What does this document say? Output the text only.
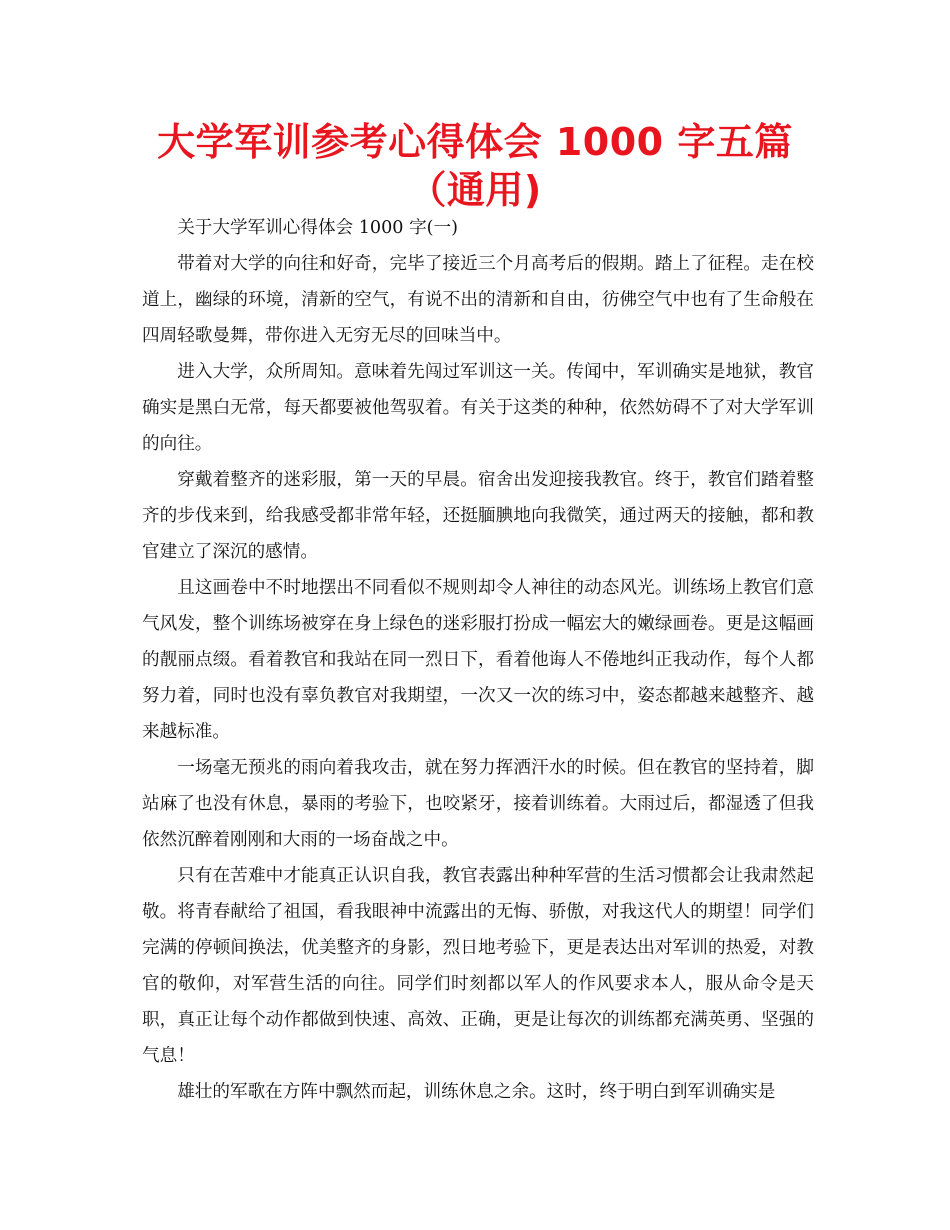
大学军训参考心得体会 1000 字五篇（通用)

关于大学军训心得体会 1000 字(一)

带着对大学的向往和好奇，完毕了接近三个月高考后的假期。踏上了征程。走在校道上，幽绿的环境，清新的空气，有说不出的清新和自由，彷佛空气中也有了生命般在四周轻歌曼舞，带你进入无穷无尽的回味当中。

进入大学，众所周知。意味着先闯过军训这一关。传闻中，军训确实是地狱，教官确实是黑白无常，每天都要被他驾驭着。有关于这类的种种，依然妨碍不了对大学军训的向往。

穿戴着整齐的迷彩服，第一天的早晨。宿舍出发迎接我教官。终于，教官们踏着整齐的步伐来到，给我感受都非常年轻，还挺腼腆地向我微笑，通过两天的接触，都和教官建立了深沉的感情。

且这画卷中不时地摆出不同看似不规则却令人神往的动态风光。训练场上教官们意气风发，整个训练场被穿在身上绿色的迷彩服打扮成一幅宏大的嫩绿画卷。更是这幅画的靓丽点缀。看着教官和我站在同一烈日下，看着他诲人不倦地纠正我动作，每个人都努力着，同时也没有辜负教官对我期望，一次又一次的练习中，姿态都越来越整齐、越来越标准。

一场毫无预兆的雨向着我攻击，就在努力挥洒汗水的时候。但在教官的坚持着，脚站麻了也没有休息，暴雨的考验下，也咬紧牙，接着训练着。大雨过后，都湿透了但我依然沉醉着刚刚和大雨的一场奋战之中。

只有在苦难中才能真正认识自我，教官表露出种种军营的生活习惯都会让我肃然起敬。将青春献给了祖国，看我眼神中流露出的无悔、骄傲，对我这代人的期望！同学们完满的停顿间换法，优美整齐的身影，烈日地考验下，更是表达出对军训的热爱，对教官的敬仰，对军营生活的向往。同学们时刻都以军人的作风要求本人，服从命令是天职，真正让每个动作都做到快速、高效、正确，更是让每次的训练都充满英勇、坚强的气息！

雄壮的军歌在方阵中飘然而起，训练休息之余。这时，终于明白到军训确实是
